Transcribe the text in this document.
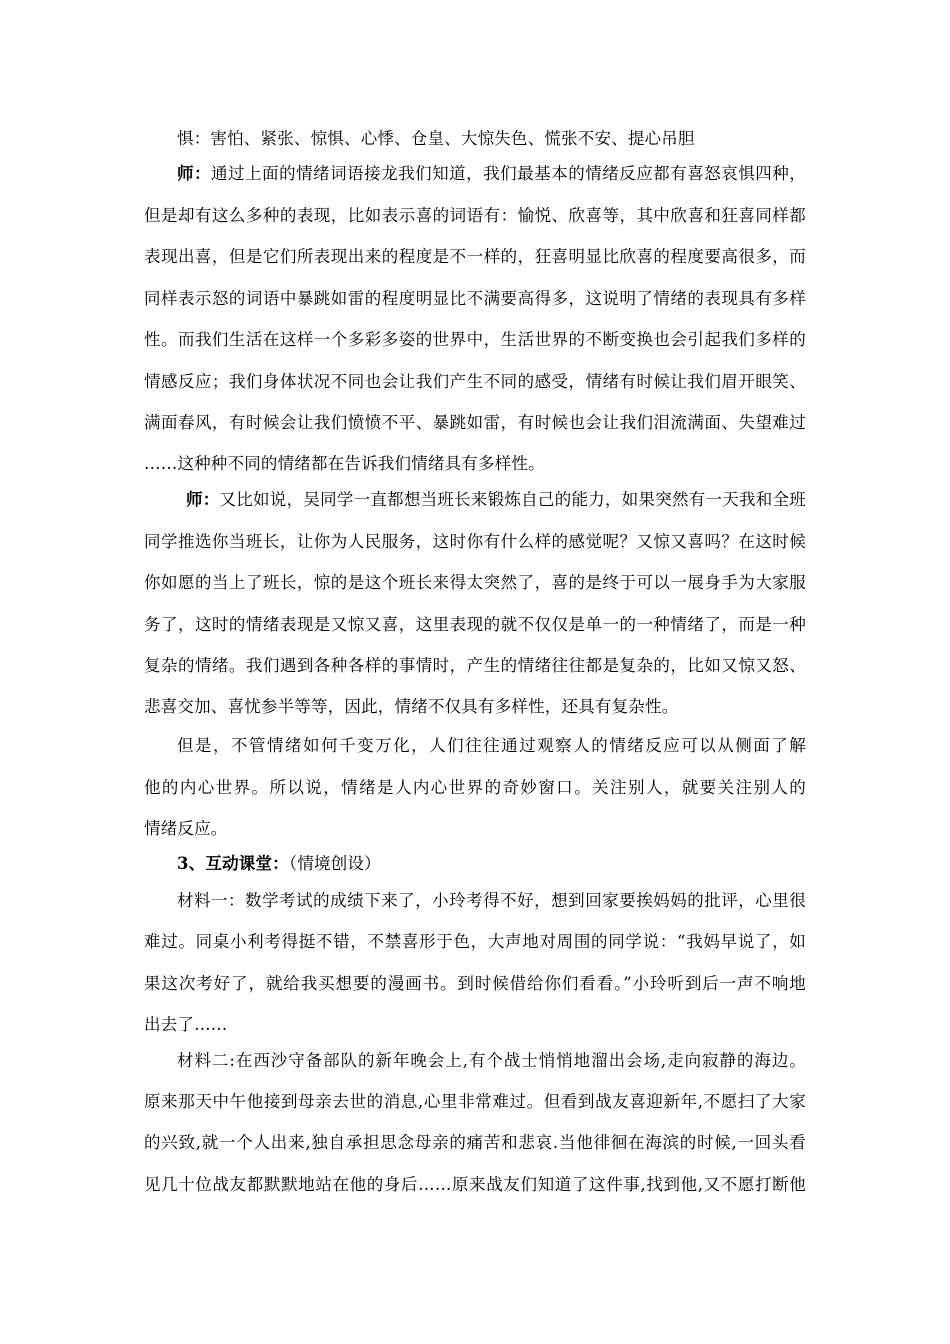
惧：害怕、紧张、惊惧、心悸、仓皇、大惊失色、慌张不安、提心吊胆
师：通过上面的情绪词语接龙我们知道，我们最基本的情绪反应都有喜怒哀惧四种，
但是却有这么多种的表现，比如表示喜的词语有：愉悦、欣喜等，其中欣喜和狂喜同样都
表现出喜，但是它们所表现出来的程度是不一样的，狂喜明显比欣喜的程度要高很多，而
同样表示怒的词语中暴跳如雷的程度明显比不满要高得多，这说明了情绪的表现具有多样
性。而我们生活在这样一个多彩多姿的世界中，生活世界的不断变换也会引起我们多样的
情感反应；我们身体状况不同也会让我们产生不同的感受，情绪有时候让我们眉开眼笑、
满面春风，有时候会让我们愤愤不平、暴跳如雷，有时候也会让我们泪流满面、失望难过
……这种种不同的情绪都在告诉我们情绪具有多样性。
师：又比如说，吴同学一直都想当班长来锻炼自己的能力，如果突然有一天我和全班
同学推选你当班长，让你为人民服务，这时你有什么样的感觉呢？又惊又喜吗？在这时候
你如愿的当上了班长，惊的是这个班长来得太突然了，喜的是终于可以一展身手为大家服
务了，这时的情绪表现是又惊又喜，这里表现的就不仅仅是单一的一种情绪了，而是一种
复杂的情绪。我们遇到各种各样的事情时，产生的情绪往往都是复杂的，比如又惊又怒、
悲喜交加、喜忧参半等等，因此，情绪不仅具有多样性，还具有复杂性。
但是，不管情绪如何千变万化，人们往往通过观察人的情绪反应可以从侧面了解
他的内心世界。所以说，情绪是人内心世界的奇妙窗口。关注别人，就要关注别人的
情绪反应。
3、互动课堂：（情境创设）
材料一：数学考试的成绩下来了，小玲考得不好，想到回家要挨妈妈的批评，心里很
难过。同桌小利考得挺不错，不禁喜形于色，大声地对周围的同学说：“我妈早说了，如
果这次考好了，就给我买想要的漫画书。到时候借给你们看看。”小玲听到后一声不响地
出去了……
材料二:在西沙守备部队的新年晚会上,有个战士悄悄地溜出会场,走向寂静的海边。
原来那天中午他接到母亲去世的消息,心里非常难过。但看到战友喜迎新年,不愿扫了大家
的兴致,就一个人出来,独自承担思念母亲的痛苦和悲哀.当他徘徊在海滨的时候,一回头看
见几十位战友都默默地站在他的身后……原来战友们知道了这件事,找到他,又不愿打断他
